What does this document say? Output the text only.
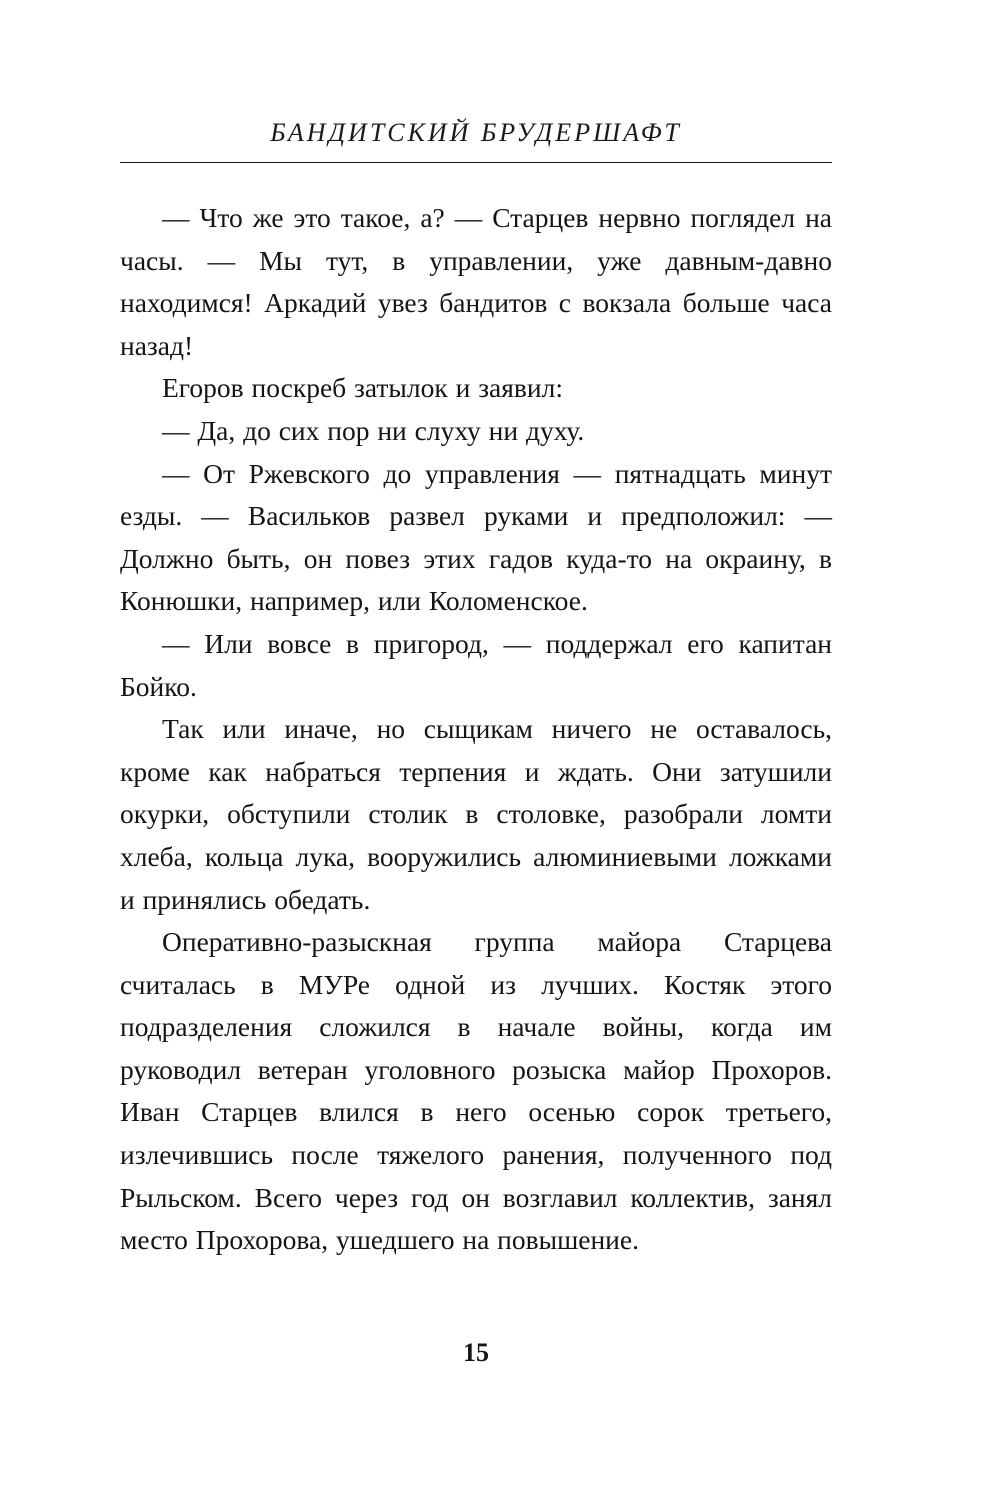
БАНДИТСКИЙ БРУДЕРШАФТ

— Что же это такое, а? — Старцев нервно поглядел на часы. — Мы тут, в управлении, уже давным-давно находимся! Аркадий увез бандитов с вокзала больше часа назад!

Егоров поскреб затылок и заявил:

— Да, до сих пор ни слуху ни духу.

— От Ржевского до управления — пятнадцать минут езды. — Васильков развел руками и предположил: — Должно быть, он повез этих гадов куда-то на окраину, в Конюшки, например, или Коломенское.

— Или вовсе в пригород, — поддержал его капитан Бойко.

Так или иначе, но сыщикам ничего не оставалось, кроме как набраться терпения и ждать. Они затушили окурки, обступили столик в столовке, разобрали ломти хлеба, кольца лука, вооружились алюминиевыми ложками и принялись обедать.

Оперативно-разыскная группа майора Старцева считалась в МУРе одной из лучших. Костяк этого подразделения сложился в начале войны, когда им руководил ветеран уголовного розыска майор Прохоров. Иван Старцев влился в него осенью сорок третьего, излечившись после тяжелого ранения, полученного под Рыльском. Всего через год он возглавил коллектив, занял место Прохорова, ушедшего на повышение.

15
